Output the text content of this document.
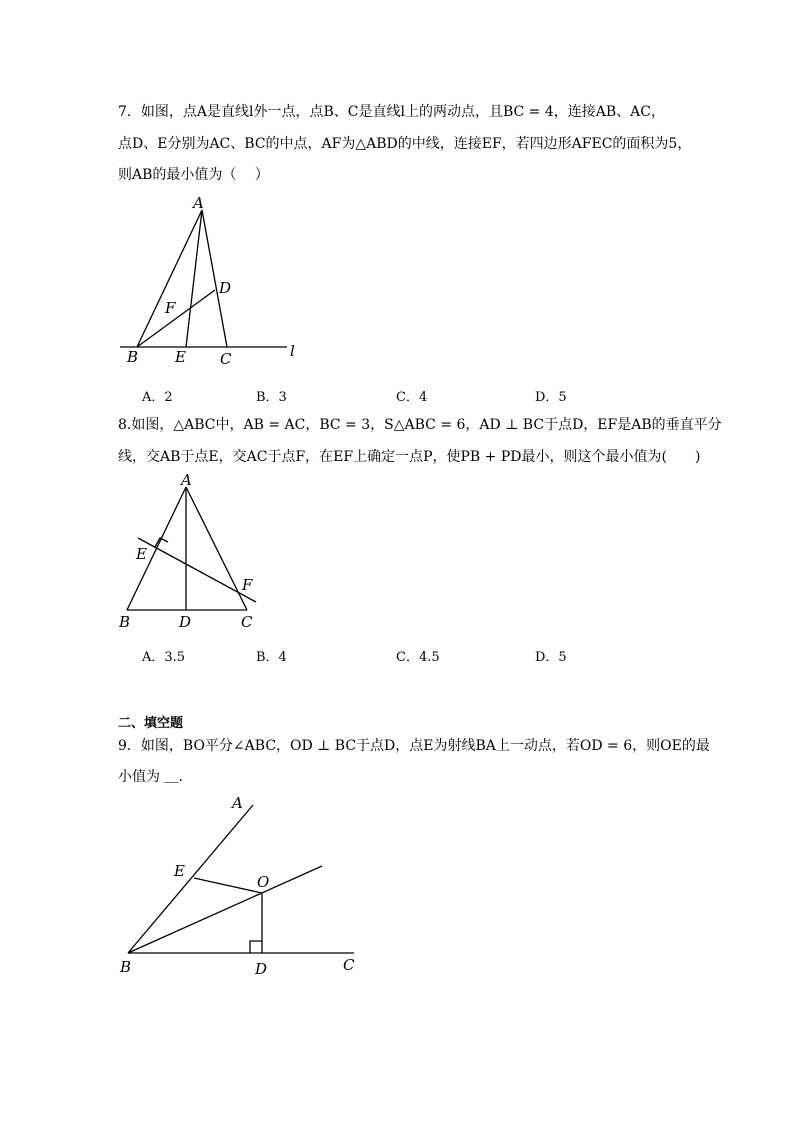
7．如图，点A是直线l外一点，点B、C是直线l上的两动点，且BC = 4，连接AB、AC，
点D、E分别为AC、BC的中点，AF为△ABD的中线，连接EF，若四边形AFEC的面积为5，
则AB的最小值为（　 ）
A
D
F
B E C	l
A．2	B．3	C．4	D．5
8.如图，△ABC中，AB = AC，BC = 3，S△ABC = 6，AD ⊥ BC于点D，EF是AB的垂直平分
线，交AB于点E，交AC于点F，在EF上确定一点P，使PB + PD最小，则这个最小值为(　　)
A
E
F
B	D	C
A．3.5	B．4	C．4.5	D．5
二、填空题
9．如图，BO平分∠ABC，OD ⊥ BC于点D，点E为射线BA上一动点，若OD = 6，则OE的最
小值为 ＿.
A
E
O
B	D	C
